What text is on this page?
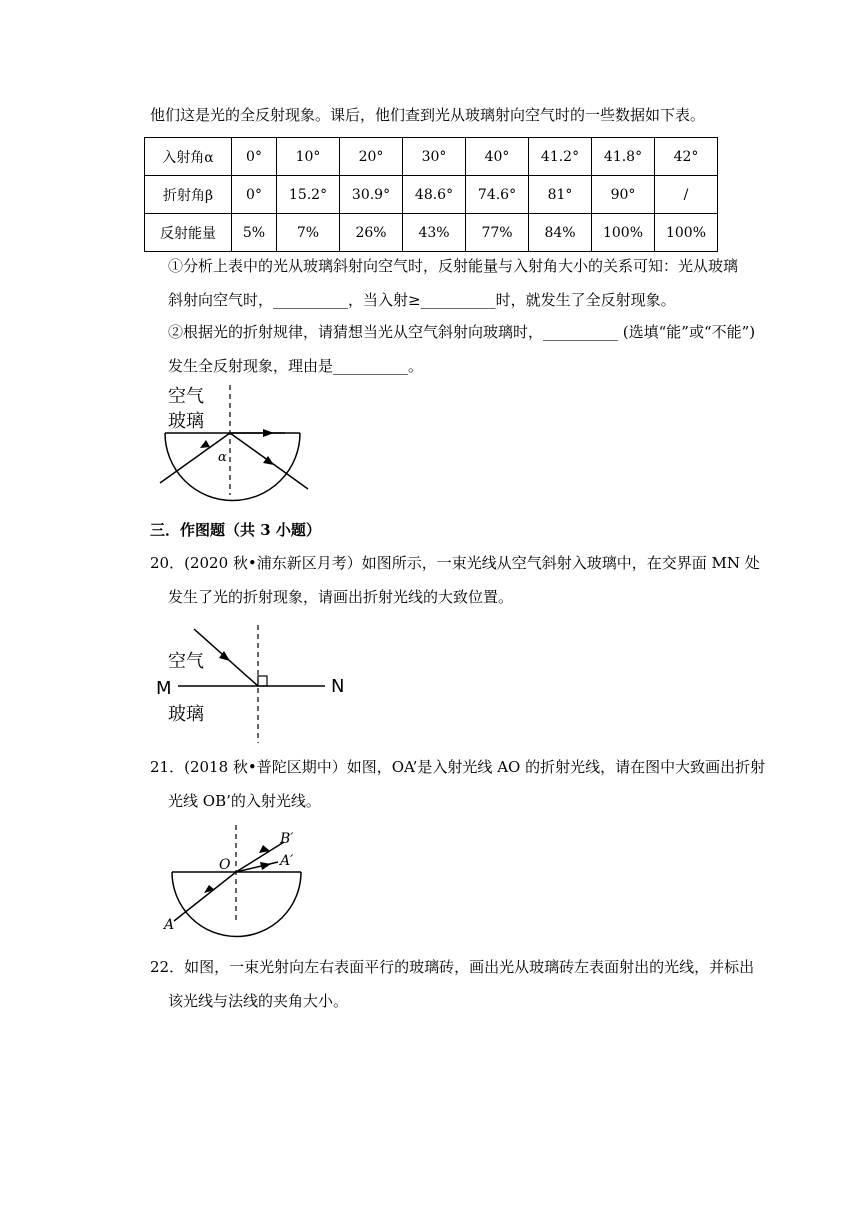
他们这是光的全反射现象。课后，他们查到光从玻璃射向空气时的一些数据如下表。
入射角α	0°	10°	20°	30°	40°	41.2°	41.8°	42°
折射角β	0°	15.2°	30.9°	48.6°	74.6°	81°	90°	/
反射能量	5%	7%	26%	43%	77%	84%	100%	100%
①分析上表中的光从玻璃斜射向空气时，反射能量与入射角大小的关系可知：光从玻璃
斜射向空气时，__________，当入射≥__________时，就发生了全反射现象。
②根据光的折射规律，请猜想当光从空气斜射向玻璃时，__________ (选填“能”或“不能”)
发生全反射现象，理由是__________。
空气
玻璃
α
三．作图题（共 3 小题）
20．(2020 秋•浦东新区月考）如图所示，一束光线从空气斜射入玻璃中，在交界面 MN 处
发生了光的折射现象，请画出折射光线的大致位置。
空气
玻璃
M	N
21．(2018 秋•普陀区期中）如图，OA’是入射光线 AO 的折射光线，请在图中大致画出折射
光线 OB’的入射光线。
O
A
A′
B′
22．如图，一束光射向左右表面平行的玻璃砖，画出光从玻璃砖左表面射出的光线，并标出
该光线与法线的夹角大小。
